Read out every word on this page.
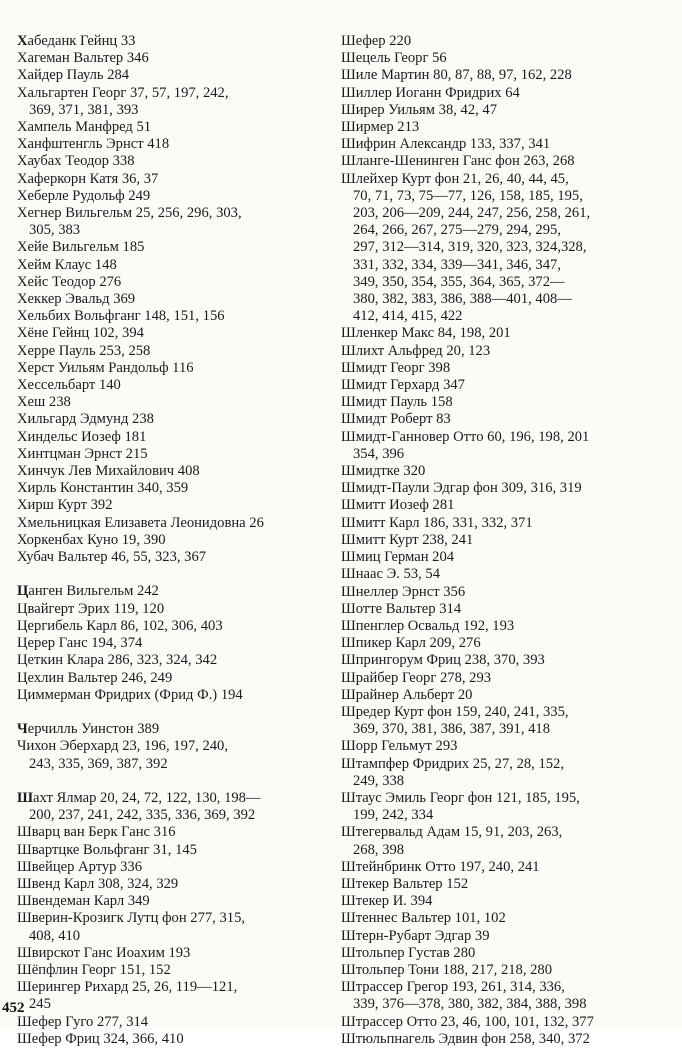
Хабеданк Гейнц 33
Хагеман Вальтер 346
Хайдер Пауль 284
Хальгартен Георг 37, 57, 197, 242,
369, 371, 381, 393
Хампель Манфред 51
Ханфштенгль Эрнст 418
Хаубах Теодор 338
Хаферкорн Катя 36, 37
Хеберле Рудольф 249
Хегнер Вильгельм 25, 256, 296, 303,
305, 383
Хейе Вильгельм 185
Хейм Клаус 148
Хейс Теодор 276
Хеккер Эвальд 369
Хельбих Вольфганг 148, 151, 156
Хёне Гейнц 102, 394
Херре Пауль 253, 258
Херст Уильям Рандольф 116
Хессельбарт 140
Хеш 238
Хильгард Эдмунд 238
Хиндельс Иозеф 181
Хинтцман Эрнст 215
Хинчук Лев Михайлович 408
Хирль Константин 340, 359
Хирш Курт 392
Хмельницкая Елизавета Леонидовна 26
Хоркенбах Куно 19, 390
Хубач Вальтер 46, 55, 323, 367
Цанген Вильгельм 242
Цвайгерт Эрих 119, 120
Цергибель Карл 86, 102, 306, 403
Церер Ганс 194, 374
Цеткин Клара 286, 323, 324, 342
Цехлин Вальтер 246, 249
Циммерман Фридрих (Фрид Ф.) 194
Черчилль Уинстон 389
Чихон Эберхард 23, 196, 197, 240,
243, 335, 369, 387, 392
Шахт Ялмар 20, 24, 72, 122, 130, 198—
200, 237, 241, 242, 335, 336, 369, 392
Шварц ван Берк Ганс 316
Швартцке Вольфганг 31, 145
Швейцер Артур 336
Швенд Карл 308, 324, 329
Швендеман Карл 349
Шверин-Крозигк Лутц фон 277, 315,
408, 410
Швирскот Ганс Иоахим 193
Шёпфлин Георг 151, 152
Шерингер Рихард 25, 26, 119—121,
245
Шефер Гуго 277, 314
Шефер Фриц 324, 366, 410
Шефер 220
Шецель Георг 56
Шиле Мартин 80, 87, 88, 97, 162, 228
Шиллер Иоганн Фридрих 64
Ширер Уильям 38, 42, 47
Ширмер 213
Шифрин Александр 133, 337, 341
Шланге-Шенинген Ганс фон 263, 268
Шлейхер Курт фон 21, 26, 40, 44, 45,
70, 71, 73, 75—77, 126, 158, 185, 195,
203, 206—209, 244, 247, 256, 258, 261,
264, 266, 267, 275—279, 294, 295,
297, 312—314, 319, 320, 323, 324,328,
331, 332, 334, 339—341, 346, 347,
349, 350, 354, 355, 364, 365, 372—
380, 382, 383, 386, 388—401, 408—
412, 414, 415, 422
Шленкер Макс 84, 198, 201
Шлихт Альфред 20, 123
Шмидт Георг 398
Шмидт Герхард 347
Шмидт Пауль 158
Шмидт Роберт 83
Шмидт-Ганновер Отто 60, 196, 198, 201
354, 396
Шмидтке 320
Шмидт-Паули Эдгар фон 309, 316, 319
Шмитт Иозеф 281
Шмитт Карл 186, 331, 332, 371
Шмитт Курт 238, 241
Шмиц Герман 204
Шнаас Э. 53, 54
Шнеллер Эрнст 356
Шотте Вальтер 314
Шпенглер Освальд 192, 193
Шпикер Карл 209, 276
Шпрингорум Фриц 238, 370, 393
Шрайбер Георг 278, 293
Шрайнер Альберт 20
Шредер Курт фон 159, 240, 241, 335,
369, 370, 381, 386, 387, 391, 418
Шорр Гельмут 293
Штампфер Фридрих 25, 27, 28, 152,
249, 338
Штаус Эмиль Георг фон 121, 185, 195,
199, 242, 334
Штегервальд Адам 15, 91, 203, 263,
268, 398
Штейнбринк Отто 197, 240, 241
Штекер Вальтер 152
Штекер И. 394
Штеннес Вальтер 101, 102
Штерн-Рубарт Эдгар 39
Штольпер Густав 280
Штольпер Тони 188, 217, 218, 280
Штрассер Грегор 193, 261, 314, 336,
339, 376—378, 380, 382, 384, 388, 398
Штрассер Отто 23, 46, 100, 101, 132, 377
Штюльпнагель Эдвин фон 258, 340, 372
452
